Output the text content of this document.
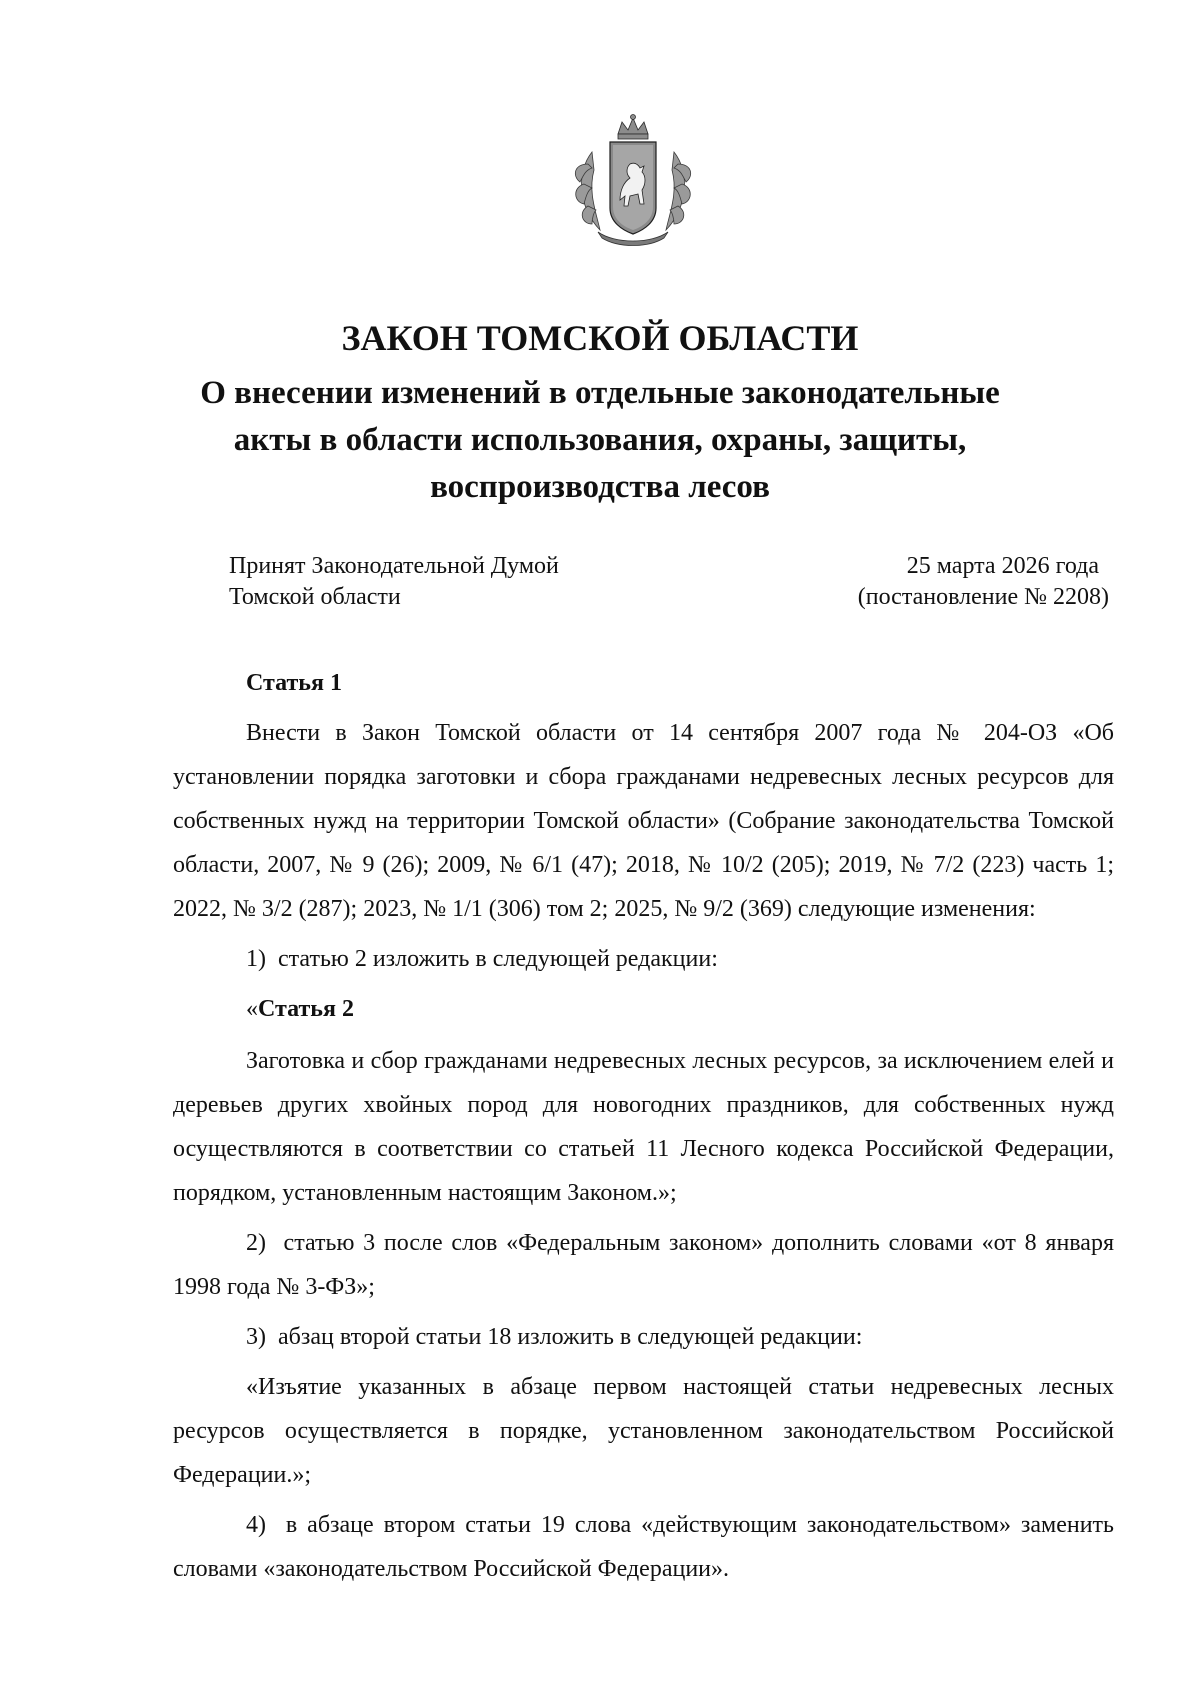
ЗАКОН ТОМСКОЙ ОБЛАСТИ
О внесении изменений в отдельные законодательные
акты в области использования, охраны, защиты,
воспроизводства лесов
Принят Законодательной Думой
Томской области
25 марта 2026 года
(постановление № 2208)

Статья 1

Внести в Закон Томской области от 14 сентября 2007 года № 204-ОЗ «Об установлении порядка заготовки и сбора гражданами недревесных лесных ресурсов для собственных нужд на территории Томской области» (Собрание законодательства Томской области, 2007, № 9 (26); 2009, № 6/1 (47); 2018, № 10/2 (205); 2019, № 7/2 (223) часть 1; 2022, № 3/2 (287); 2023, № 1/1 (306) том 2; 2025, № 9/2 (369) следующие изменения:

1)  статью 2 изложить в следующей редакции:

«Статья 2

Заготовка и сбор гражданами недревесных лесных ресурсов, за исключением елей и деревьев других хвойных пород для новогодних праздников, для собственных нужд осуществляются в соответствии со статьей 11 Лесного кодекса Российской Федерации, порядком, установленным настоящим Законом.»;

2)  статью 3 после слов «Федеральным законом» дополнить словами «от 8 января 1998 года № 3-ФЗ»;

3)  абзац второй статьи 18 изложить в следующей редакции:

«Изъятие указанных в абзаце первом настоящей статьи недревесных лесных ресурсов осуществляется в порядке, установленном законодательством Российской Федерации.»;

4)  в абзаце втором статьи 19 слова «действующим законодательством» заменить словами «законодательством Российской Федерации».
